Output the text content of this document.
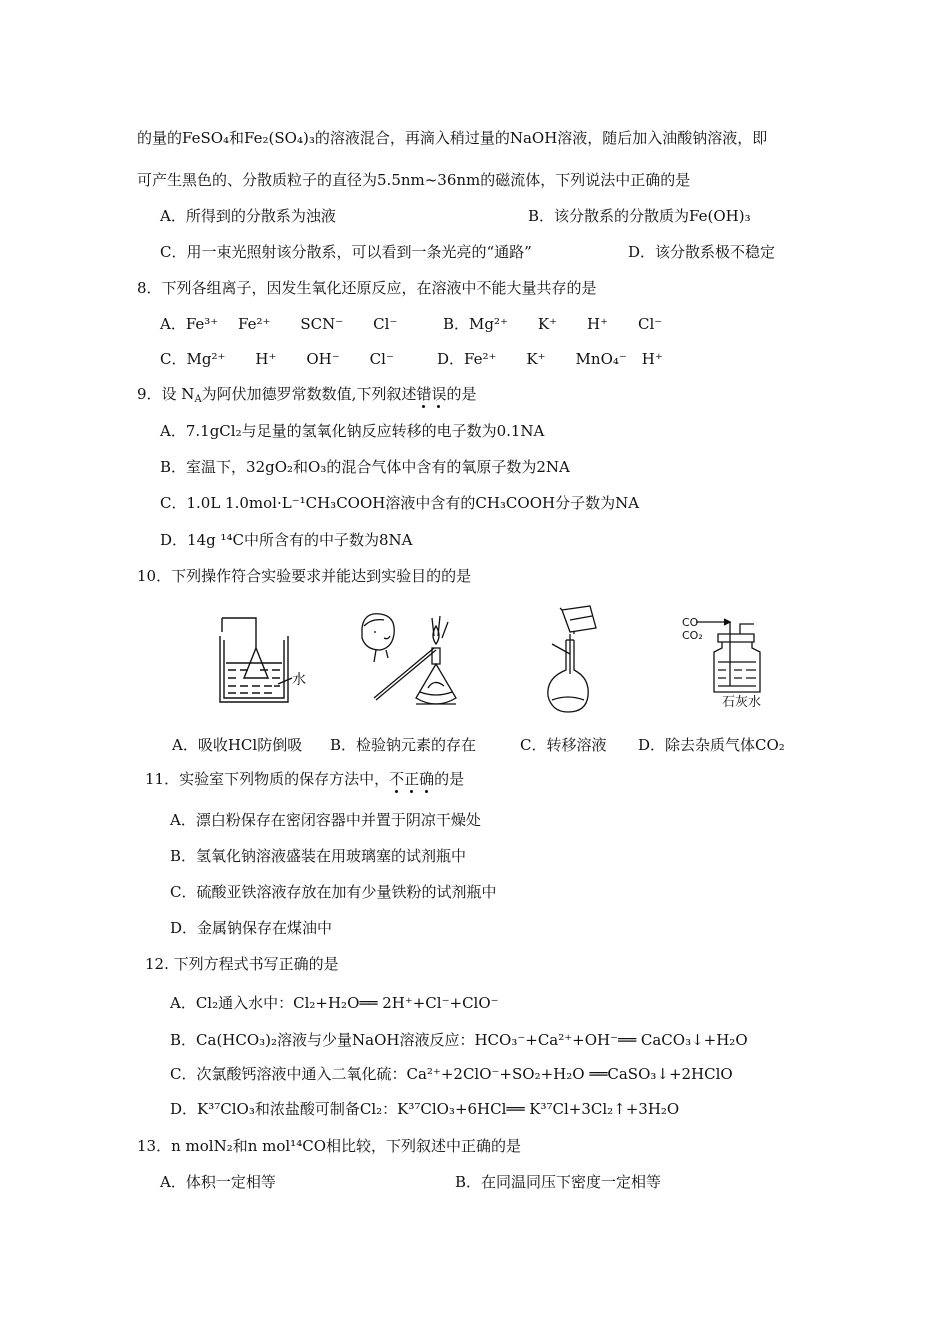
的量的FeSO₄和Fe₂(SO₄)₃的溶液混合，再滴入稍过量的NaOH溶液，随后加入油酸钠溶液，即
可产生黑色的、分散质粒子的直径为5.5nm~36nm的磁流体，下列说法中正确的是
A．所得到的分散系为浊液	B．该分散系的分散质为Fe(OH)₃
C．用一束光照射该分散系，可以看到一条光亮的“通路”	D．该分散系极不稳定
8．下列各组离子，因发生氧化还原反应，在溶液中不能大量共存的是
A．Fe³⁺　 Fe²⁺　　SCN⁻　　Cl⁻	B．Mg²⁺　　K⁺　　H⁺　　Cl⁻
C．Mg²⁺　　H⁺　　OH⁻　　Cl⁻	D．Fe²⁺　　K⁺　　MnO₄⁻　H⁺
9．设 $N_A$为阿伏加德罗常数数值,下列叙述错
误
的是
A．7.1gCl₂与足量的氢氧化钠反应转移的电子数为0.1NA
B．室温下，32gO₂和O₃的混合气体中含有的氧原子数为2NA
C．1.0L 1.0mol·L⁻¹CH₃COOH溶液中含有的CH₃COOH分子数为NA
D．14g ¹⁴C中所含有的中子数为8NA
10．下列操作符合实验要求并能达到实验目的的是
水
CO
CO₂
石灰水
A．吸收HCl防倒吸 B．检验钠元素的存在	C．转移溶液 D．除去杂质气体CO₂
11．实验室下列物质的保存方法中，不
正
确
的是
A．漂白粉保存在密闭容器中并置于阴凉干燥处
B．氢氧化钠溶液盛装在用玻璃塞的试剂瓶中
C．硫酸亚铁溶液存放在加有少量铁粉的试剂瓶中
D．金属钠保存在煤油中
12. 下列方程式书写正确的是
A．Cl₂通入水中：Cl₂+H₂O══ 2H⁺+Cl⁻+ClO⁻
B．Ca(HCO₃)₂溶液与少量NaOH溶液反应：HCO₃⁻+Ca²⁺+OH⁻══ CaCO₃↓+H₂O
C．次氯酸钙溶液中通入二氧化硫：Ca²⁺+2ClO⁻+SO₂+H₂O ══CaSO₃↓+2HClO
D．K³⁷ClO₃和浓盐酸可制备Cl₂：K³⁷ClO₃+6HCl══ K³⁷Cl+3Cl₂↑+3H₂O
13．n molN₂和n mol¹⁴CO相比较，下列叙述中正确的是
A．体积一定相等	B．在同温同压下密度一定相等
